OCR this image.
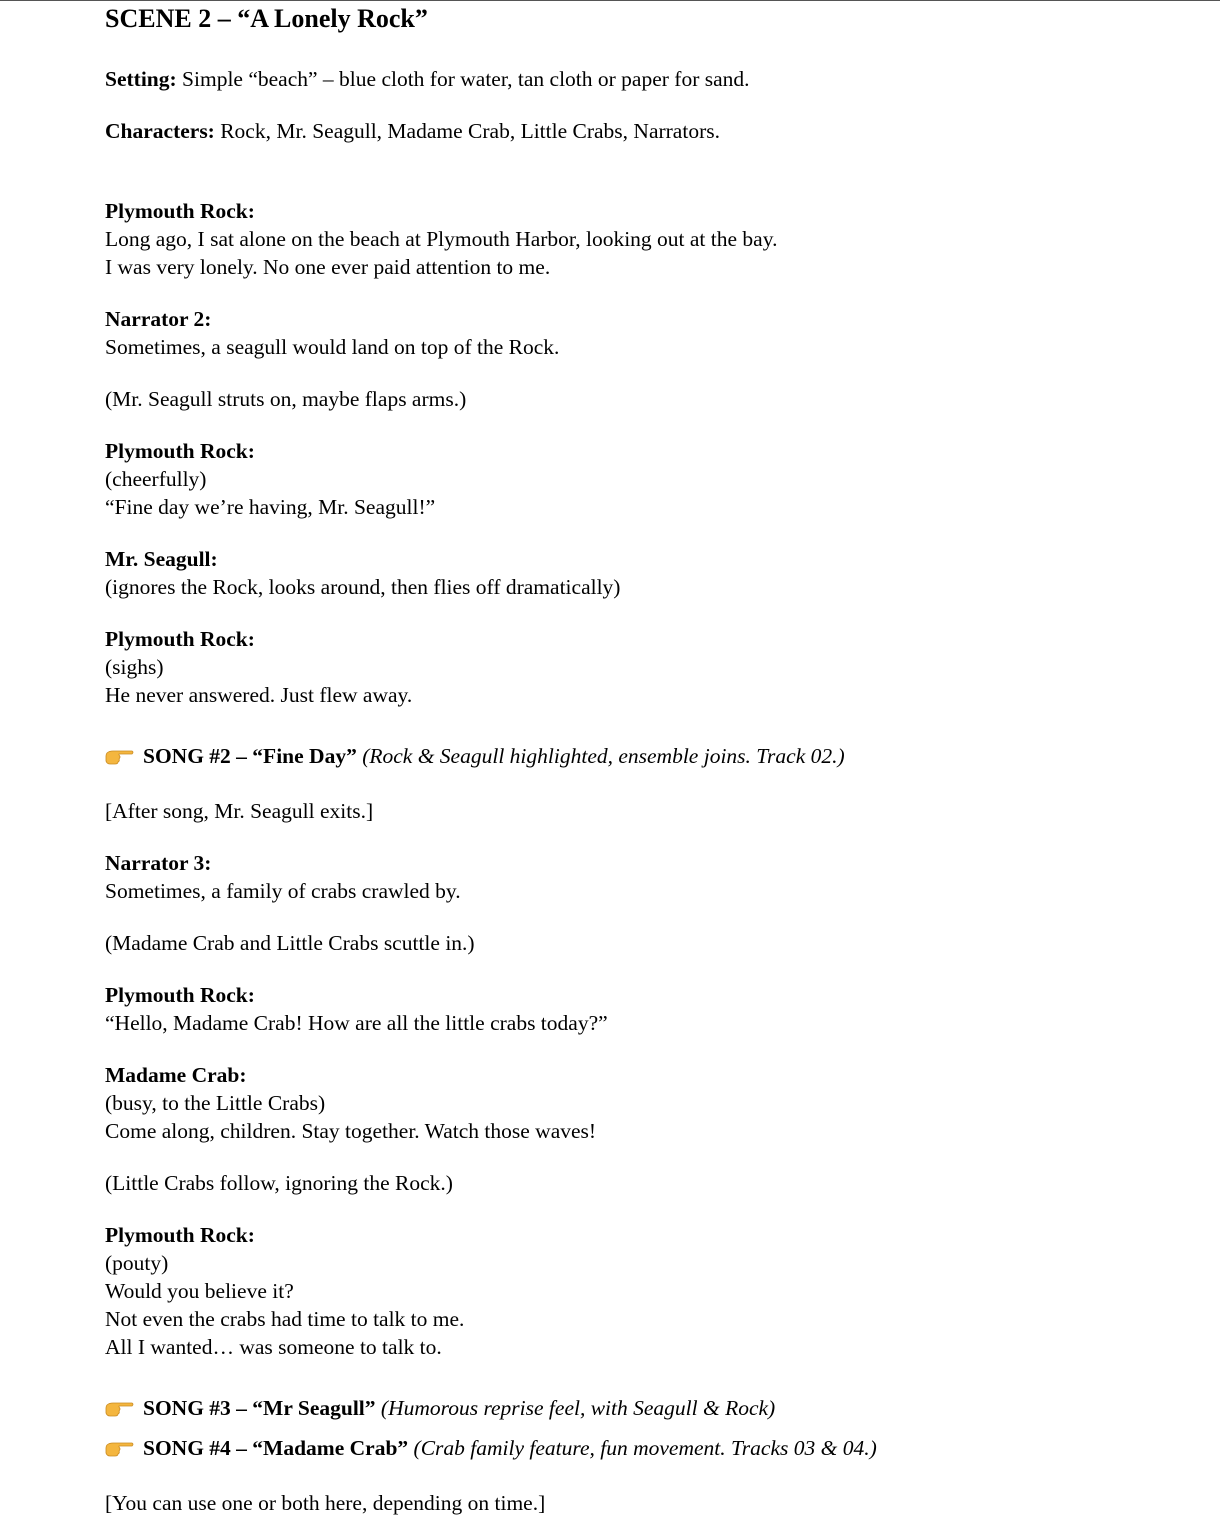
SCENE 2 – “A Lonely Rock”
Setting: Simple “beach” – blue cloth for water, tan cloth or paper for sand.
Characters: Rock, Mr. Seagull, Madame Crab, Little Crabs, Narrators.
Plymouth Rock:
Long ago, I sat alone on the beach at Plymouth Harbor, looking out at the bay.
I was very lonely. No one ever paid attention to me.
Narrator 2:
Sometimes, a seagull would land on top of the Rock.
(Mr. Seagull struts on, maybe flaps arms.)
Plymouth Rock:
(cheerfully)
“Fine day we’re having, Mr. Seagull!”
Mr. Seagull:
(ignores the Rock, looks around, then flies off dramatically)
Plymouth Rock:
(sighs)
He never answered. Just flew away.
SONG #2 – “Fine Day” (Rock & Seagull highlighted, ensemble joins. Track 02.)
[After song, Mr. Seagull exits.]
Narrator 3:
Sometimes, a family of crabs crawled by.
(Madame Crab and Little Crabs scuttle in.)
Plymouth Rock:
“Hello, Madame Crab! How are all the little crabs today?”
Madame Crab:
(busy, to the Little Crabs)
Come along, children. Stay together. Watch those waves!
(Little Crabs follow, ignoring the Rock.)
Plymouth Rock:
(pouty)
Would you believe it?
Not even the crabs had time to talk to me.
All I wanted… was someone to talk to.
SONG #3 – “Mr Seagull” (Humorous reprise feel, with Seagull & Rock)
SONG #4 – “Madame Crab” (Crab family feature, fun movement. Tracks 03 & 04.)
[You can use one or both here, depending on time.]
